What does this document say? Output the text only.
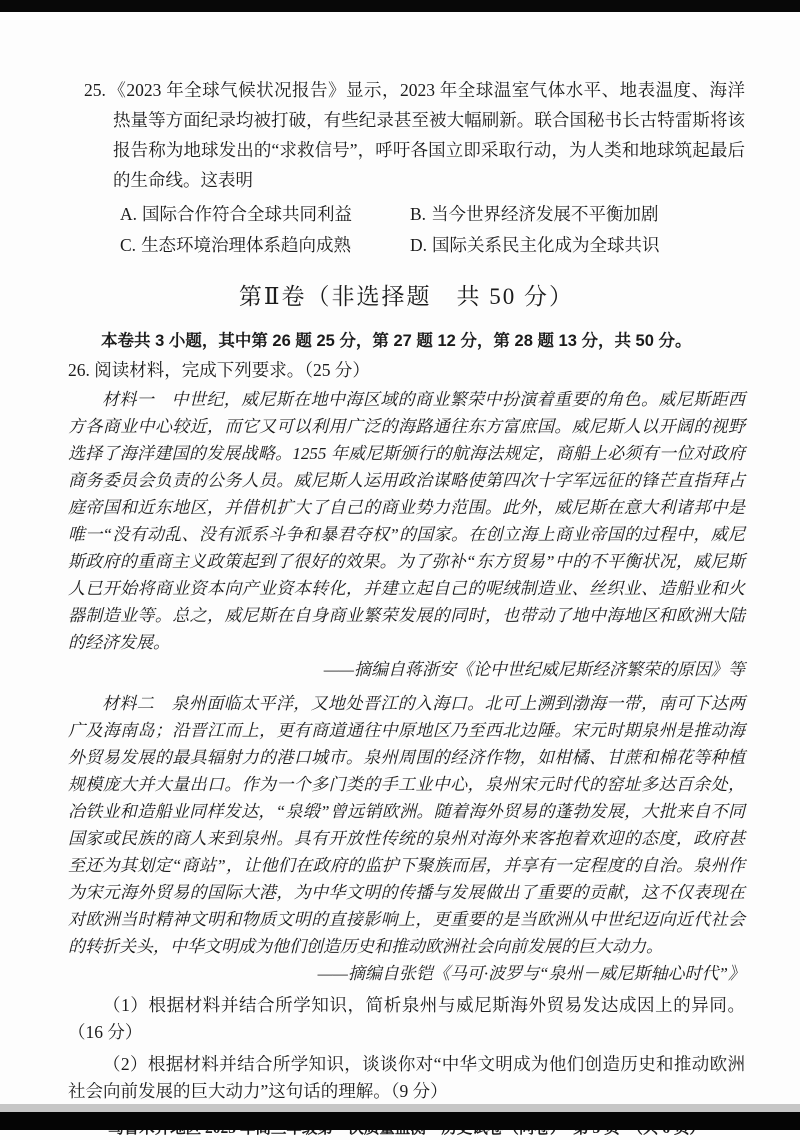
25. 《2023 年全球气候状况报告》显示，2023 年全球温室气体水平、地表温度、海洋热量等方面纪录均被打破，有些纪录甚至被大幅刷新。联合国秘书长古特雷斯将该报告称为地球发出的“求救信号”，呼吁各国立即采取行动，为人类和地球筑起最后的生命线。这表明

A. 国际合作符合全球共同利益	B. 当今世界经济发展不平衡加剧
C. 生态环境治理体系趋向成熟	D. 国际关系民主化成为全球共识
第Ⅱ卷（非选择题　共 50 分）

本卷共 3 小题，其中第 26 题 25 分，第 27 题 12 分，第 28 题 13 分，共 50 分。

26. 阅读材料，完成下列要求。（25 分）

材料一　中世纪，威尼斯在地中海区域的商业繁荣中扮演着重要的角色。威尼斯距西方各商业中心较近，而它又可以利用广泛的海路通往东方富庶国。威尼斯人以开阔的视野选择了海洋建国的发展战略。1255 年威尼斯颁行的航海法规定，商船上必须有一位对政府商务委员会负责的公务人员。威尼斯人运用政治谋略使第四次十字军远征的锋芒直指拜占庭帝国和近东地区，并借机扩大了自己的商业势力范围。此外，威尼斯在意大利诸邦中是唯一“没有动乱、没有派系斗争和暴君夺权”的国家。在创立海上商业帝国的过程中，威尼斯政府的重商主义政策起到了很好的效果。为了弥补“东方贸易”中的不平衡状况，威尼斯人已开始将商业资本向产业资本转化，并建立起自己的呢绒制造业、丝织业、造船业和火器制造业等。总之，威尼斯在自身商业繁荣发展的同时，也带动了地中海地区和欧洲大陆的经济发展。

——摘编自蒋浙安《论中世纪威尼斯经济繁荣的原因》等

材料二　泉州面临太平洋，又地处晋江的入海口。北可上溯到渤海一带，南可下达两广及海南岛；沿晋江而上，更有商道通往中原地区乃至西北边陲。宋元时期泉州是推动海外贸易发展的最具辐射力的港口城市。泉州周围的经济作物，如柑橘、甘蔗和棉花等种植规模庞大并大量出口。作为一个多门类的手工业中心，泉州宋元时代的窑址多达百余处，冶铁业和造船业同样发达，“泉缎”曾远销欧洲。随着海外贸易的蓬勃发展，大批来自不同国家或民族的商人来到泉州。具有开放性传统的泉州对海外来客抱着欢迎的态度，政府甚至还为其划定“商站”，让他们在政府的监护下聚族而居，并享有一定程度的自治。泉州作为宋元海外贸易的国际大港，为中华文明的传播与发展做出了重要的贡献，这不仅表现在对欧洲当时精神文明和物质文明的直接影响上，更重要的是当欧洲从中世纪迈向近代社会的转折关头，中华文明成为他们创造历史和推动欧洲社会向前发展的巨大动力。

——摘编自张铠《马可·波罗与“泉州－威尼斯轴心时代”》

（1）根据材料并结合所学知识，简析泉州与威尼斯海外贸易发达成因上的异同。（16 分）

（2）根据材料并结合所学知识，谈谈你对“中华文明成为他们创造历史和推动欧洲社会向前发展的巨大动力”这句话的理解。（9 分）
